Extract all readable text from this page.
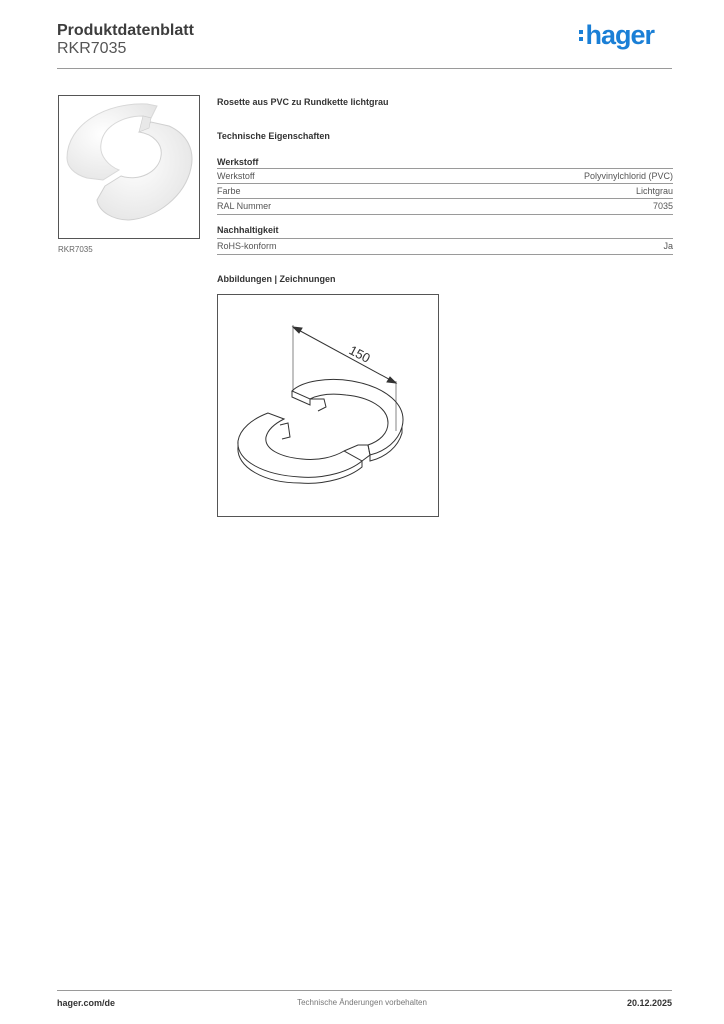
Produktdatenblatt
RKR7035	hager
RKR7035
Rosette aus PVC zu Rundkette lichtgrau
Technische Eigenschaften
Werkstoff
Werkstoff	Polyvinylchlorid (PVC)
Farbe	Lichtgrau
RAL Nummer	7035
Nachhaltigkeit
RoHS-konform	Ja
Abbildungen | Zeichnungen
150
hager.com/de	Technische Änderungen vorbehalten	20.12.2025
